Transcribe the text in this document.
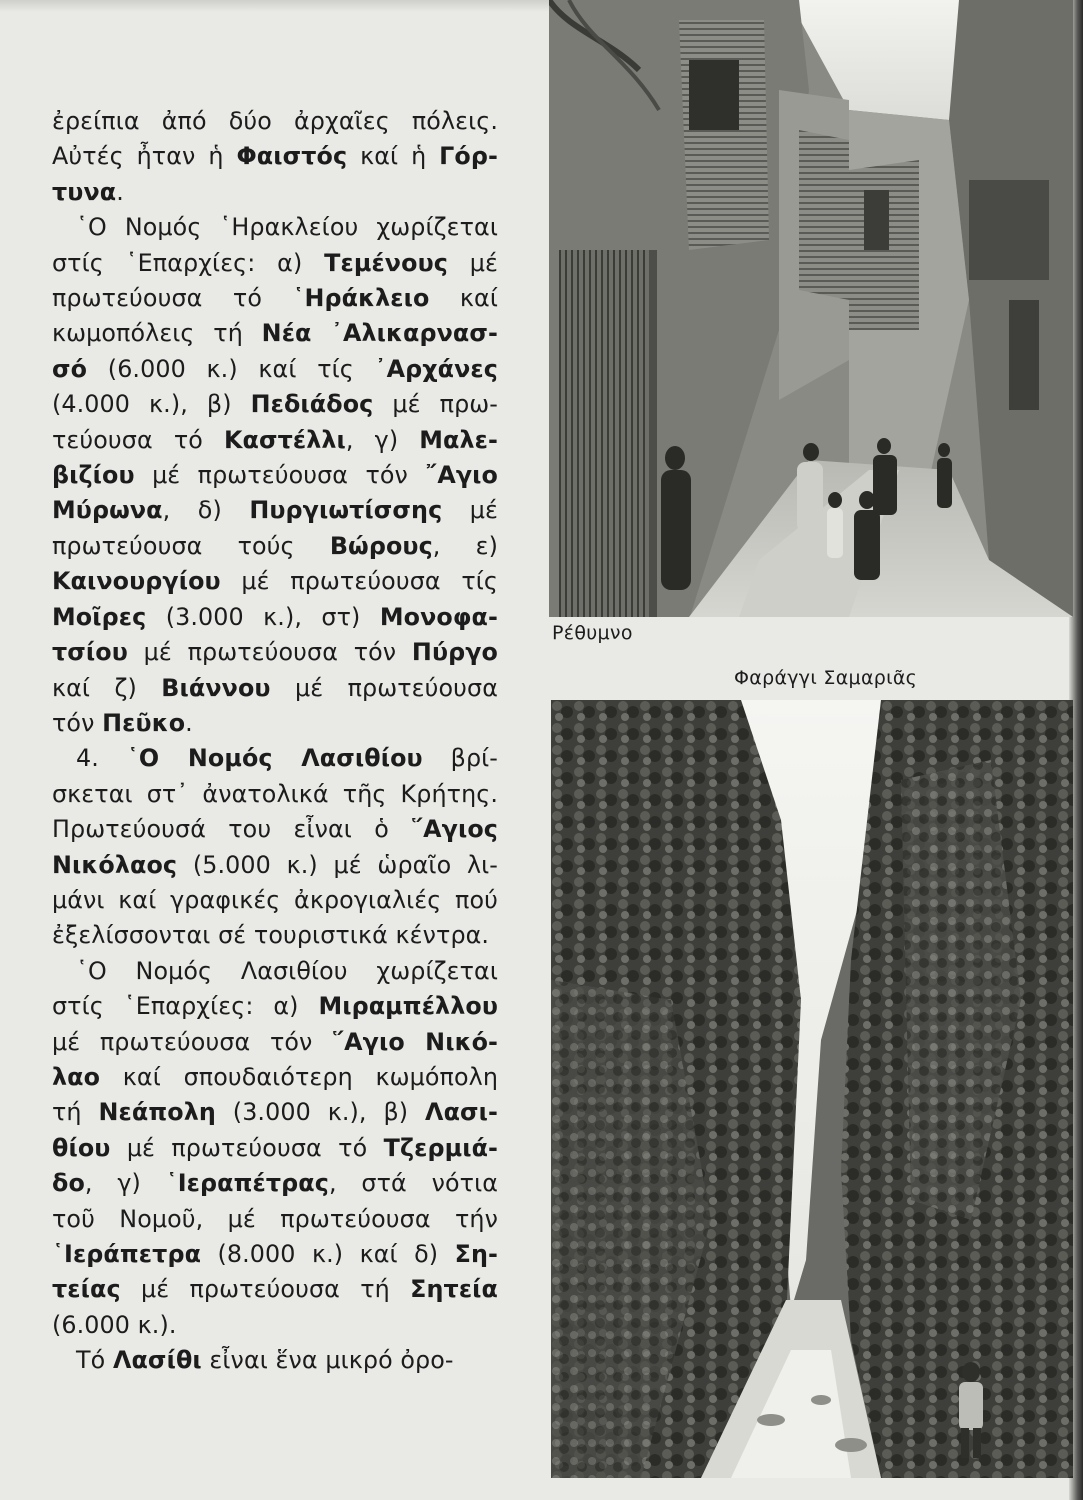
ἐρείπια ἀπό δύο ἀρχαῖες πόλεις.
Αὐτές ἦταν ἡ Φαιστός καί ἡ Γόρ-
τυνα.

῾Ο Νομός ῾Ηρακλείου χωρίζεται
στίς ῾Επαρχίες: α) Τεμένους μέ
πρωτεύουσα τό ῾Ηράκλειο καί
κωμοπόλεις τή Νέα ᾿Αλικαρνασ-
σό (6.000 κ.) καί τίς ᾿Αρχάνες
(4.000 κ.), β) Πεδιάδος μέ πρω-
τεύουσα τό Καστέλλι, γ) Μαλε-
βιζίου μέ πρωτεύουσα τόν ῎Αγιο
Μύρωνα, δ) Πυργιωτίσσης μέ
πρωτεύουσα τούς Βώρους, ε)
Καινουργίου μέ πρωτεύουσα τίς
Μοῖρες (3.000 κ.), στ) Μονοφα-
τσίου μέ πρωτεύουσα τόν Πύργο
καί ζ) Βιάννου μέ πρωτεύουσα
τόν Πεῦκο.

4. ῾Ο Νομός Λασιθίου βρί-
σκεται στ᾿ ἀνατολικά τῆς Κρήτης.
Πρωτεύουσά του εἶναι ὁ ῞Αγιος
Νικόλαος (5.000 κ.) μέ ὡραῖο λι-
μάνι καί γραφικές ἀκρογιαλιές πού
ἐξελίσσονται σέ τουριστικά κέντρα.

῾Ο Νομός Λασιθίου χωρίζεται
στίς ῾Επαρχίες: α) Μιραμπέλλου
μέ πρωτεύουσα τόν ῞Αγιο Νικό-
λαο καί σπουδαιότερη κωμόπολη
τή Νεάπολη (3.000 κ.), β) Λασι-
θίου μέ πρωτεύουσα τό Τζερμιά-
δο, γ) ῾Ιεραπέτρας, στά νότια
τοῦ Νομοῦ, μέ πρωτεύουσα τήν
῾Ιεράπετρα (8.000 κ.) καί δ) Ση-
τείας μέ πρωτεύουσα τή Σητεία
(6.000 κ.).

Τό Λασίθι εἶναι ἕνα μικρό ὀρο-

Ρέθυμνο
Φαράγγι Σαμαριᾶς
